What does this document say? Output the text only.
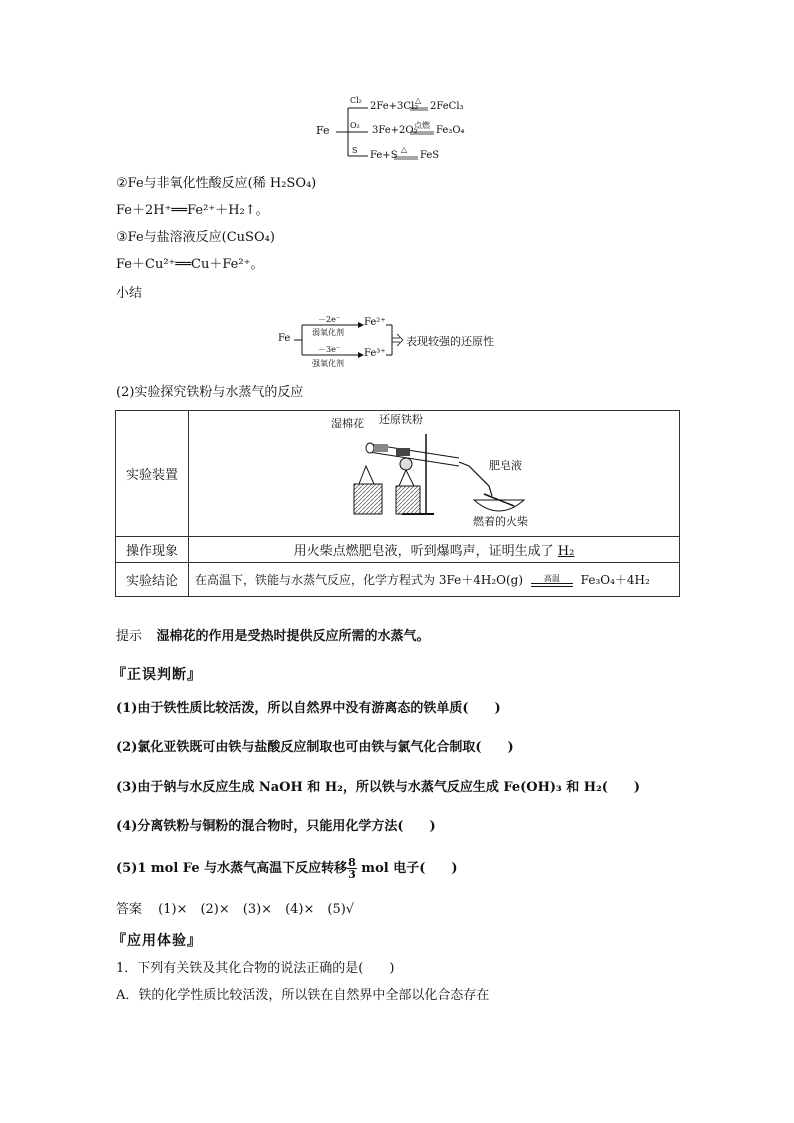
Fe
Cl₂
O₂
S
2Fe+3Cl₂
△
2FeCl₃
3Fe+2O₂
点燃 Fe₃O₄
Fe+S
△
FeS
②Fe与非氧化性酸反应(稀 H₂SO₄)
Fe＋2H⁺══Fe²⁺＋H₂↑。
③Fe与盐溶液反应(CuSO₄)
Fe＋Cu²⁺══Cu＋Fe²⁺。
小结
Fe
－2e⁻
弱氧化剂
Fe²⁺
－3e⁻
强氧化剂
Fe³⁺
表现较强的还原性
(2)实验探究铁粉与水蒸气的反应
实验装置	湿棉花 还原铁粉
肥皂液
燃着的火柴

操作现象	用火柴点燃肥皂液，听到爆鸣声，证明生成了 H₂
实验结论	在高温下，铁能与水蒸气反应，化学方程式为 3Fe＋4H₂O(g) 高温 Fe₃O₄＋4H₂
提示 湿棉花的作用是受热时提供反应所需的水蒸气。
『正误判断』
(1)由于铁性质比较活泼，所以自然界中没有游离态的铁单质(　　)
(2)氯化亚铁既可由铁与盐酸反应制取也可由铁与氯气化合制取(　　)
(3)由于钠与水反应生成 NaOH 和 H₂，所以铁与水蒸气反应生成 Fe(OH)₃ 和 H₂(　　)
(4)分离铁粉与铜粉的混合物时，只能用化学方法(　　)
(5)1 mol Fe 与水蒸气高温下反应转移 $\frac{8}{3}$ mol 电子(　　)
答案 (1)×　(2)×　(3)×　(4)×　(5)√
『应用体验』
1．下列有关铁及其化合物的说法正确的是(　　)
A．铁的化学性质比较活泼，所以铁在自然界中全部以化合态存在
